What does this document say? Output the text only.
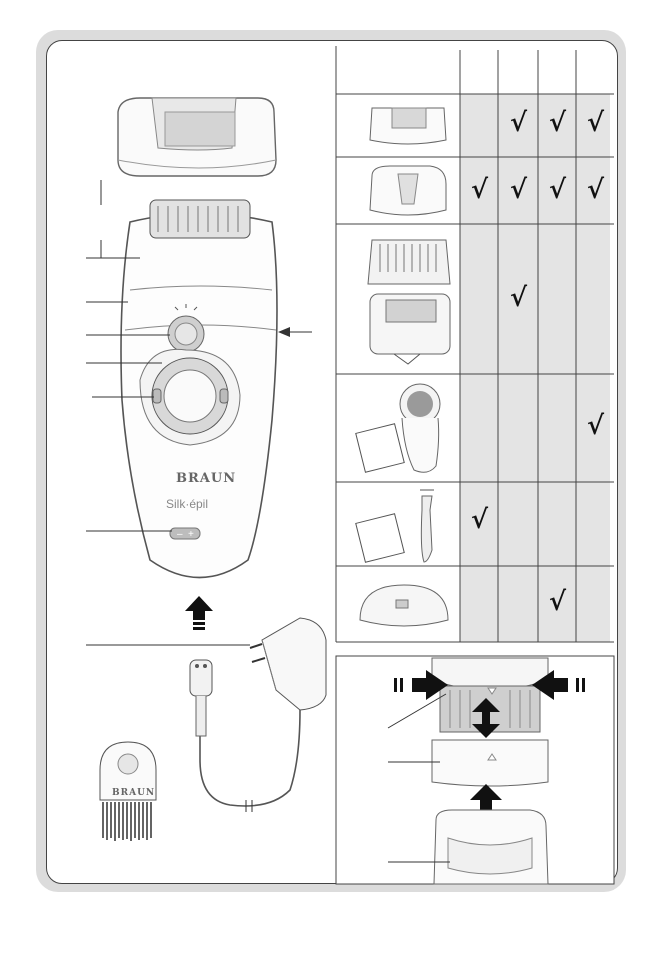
BRAUN
Silk·épil
– +
BRAUN
√ √ √
√ √ √ √
√
√
√
√
